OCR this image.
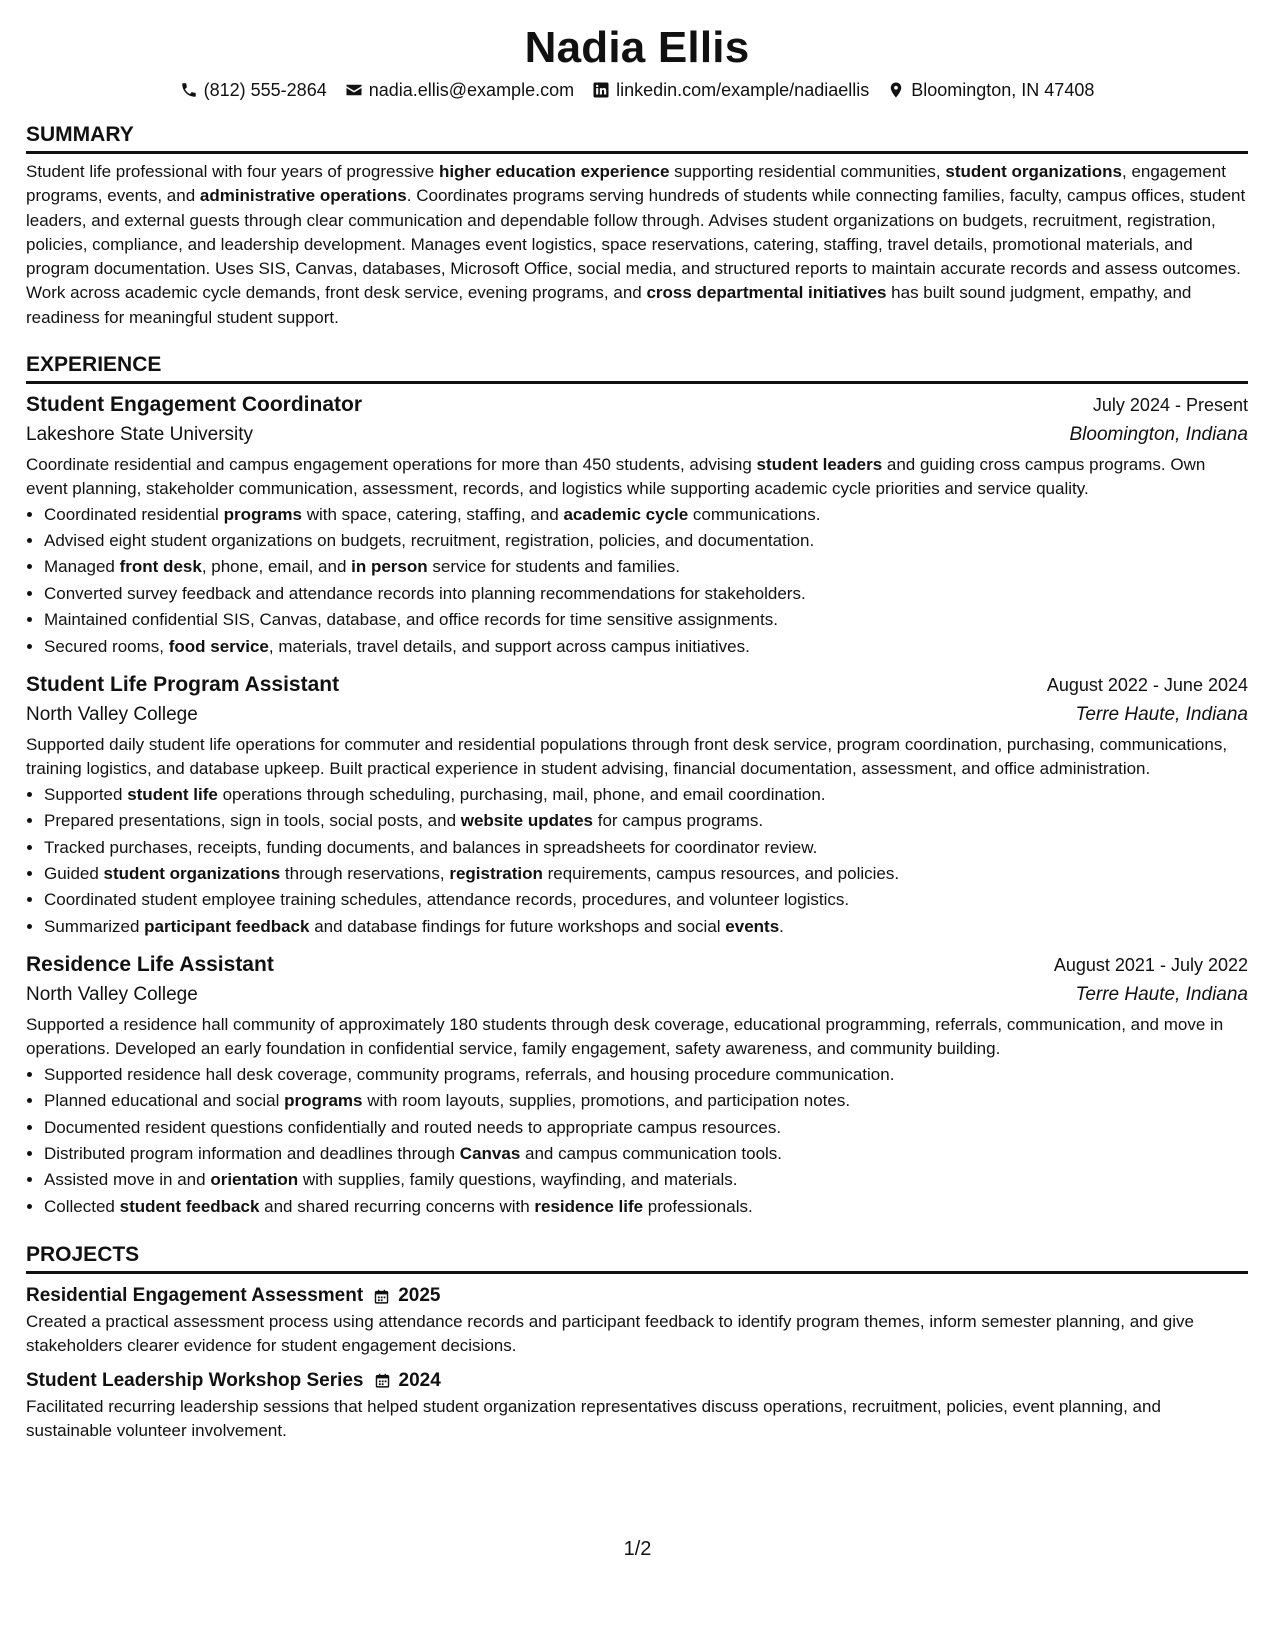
Nadia Ellis
(812) 555-2864 nadia.ellis@example.com linkedin.com/example/nadiaellis Bloomington, IN 47408
SUMMARY

Student life professional with four years of progressive higher education experience supporting residential communities, student organizations, engagement programs, events, and administrative operations. Coordinates programs serving hundreds of students while connecting families, faculty, campus offices, student leaders, and external guests through clear communication and dependable follow through. Advises student organizations on budgets, recruitment, registration, policies, compliance, and leadership development. Manages event logistics, space reservations, catering, staffing, travel details, promotional materials, and program documentation. Uses SIS, Canvas, databases, Microsoft Office, social media, and structured reports to maintain accurate records and assess outcomes. Work across academic cycle demands, front desk service, evening programs, and cross departmental initiatives has built sound judgment, empathy, and readiness for meaningful student support.

EXPERIENCE
Student Engagement Coordinator	July 2024 - Present
Lakeshore State University	Bloomington, Indiana

Coordinate residential and campus engagement operations for more than 450 students, advising student leaders and guiding cross campus programs. Own event planning, stakeholder communication, assessment, records, and logistics while supporting academic cycle priorities and service quality.

• Coordinated residential programs with space, catering, staffing, and academic cycle communications.
• Advised eight student organizations on budgets, recruitment, registration, policies, and documentation.
• Managed front desk, phone, email, and in person service for students and families.
• Converted survey feedback and attendance records into planning recommendations for stakeholders.
• Maintained confidential SIS, Canvas, database, and office records for time sensitive assignments.
• Secured rooms, food service, materials, travel details, and support across campus initiatives.
Student Life Program Assistant	August 2022 - June 2024
North Valley College	Terre Haute, Indiana

Supported daily student life operations for commuter and residential populations through front desk service, program coordination, purchasing, communications, training logistics, and database upkeep. Built practical experience in student advising, financial documentation, assessment, and office administration.

• Supported student life operations through scheduling, purchasing, mail, phone, and email coordination.
• Prepared presentations, sign in tools, social posts, and website updates for campus programs.
• Tracked purchases, receipts, funding documents, and balances in spreadsheets for coordinator review.
• Guided student organizations through reservations, registration requirements, campus resources, and policies.
• Coordinated student employee training schedules, attendance records, procedures, and volunteer logistics.
• Summarized participant feedback and database findings for future workshops and social events.
Residence Life Assistant	August 2021 - July 2022
North Valley College	Terre Haute, Indiana

Supported a residence hall community of approximately 180 students through desk coverage, educational programming, referrals, communication, and move in operations. Developed an early foundation in confidential service, family engagement, safety awareness, and community building.

• Supported residence hall desk coverage, community programs, referrals, and housing procedure communication.
• Planned educational and social programs with room layouts, supplies, promotions, and participation notes.
• Documented resident questions confidentially and routed needs to appropriate campus resources.
• Distributed program information and deadlines through Canvas and campus communication tools.
• Assisted move in and orientation with supplies, family questions, wayfinding, and materials.
• Collected student feedback and shared recurring concerns with residence life professionals.
PROJECTS
Residential Engagement Assessment 2025

Created a practical assessment process using attendance records and participant feedback to identify program themes, inform semester planning, and give stakeholders clearer evidence for student engagement decisions.

Student Leadership Workshop Series 2024

Facilitated recurring leadership sessions that helped student organization representatives discuss operations, recruitment, policies, event planning, and sustainable volunteer involvement.

1/2
